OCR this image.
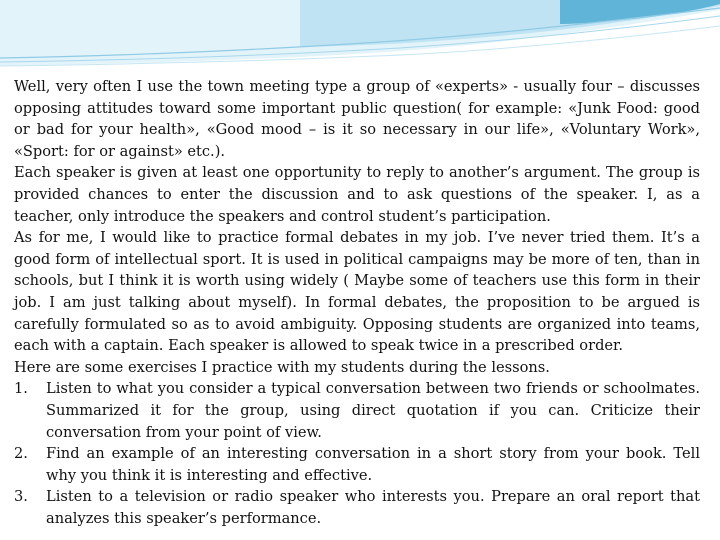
Well, very often I use the town meeting type a group of «experts» - usually four – discusses opposing attitudes toward some important public question( for example: «Junk Food: good or bad for your health», «Good mood – is it so necessary in our life», «Voluntary Work», «Sport: for or against» etc.).

Each speaker is given at least one opportunity to reply to another’s argument. The group is provided chances to enter the discussion and to ask questions of the speaker. I, as a teacher, only introduce the speakers and control student’s participation.

As for me, I would like to practice formal debates in my job. I’ve never tried them. It’s a good form of intellectual sport. It is used in political campaigns may be more of ten, than in schools, but I think it is worth using widely ( Maybe some of teachers use this form in their job. I am just talking about myself). In formal debates, the proposition to be argued is carefully formulated so as to avoid ambiguity. Opposing students are organized into teams, each with a captain. Each speaker is allowed to speak twice in a prescribed order.

Here are some exercises I practice with my students during the lessons.

1.	Listen to what you consider a typical conversation between two friends or schoolmates. Summarized it for the group, using direct quotation if you can. Criticize their conversation from your point of view.
2.	Find an example of an interesting conversation in a short story from your book. Tell why you think it is interesting and effective.
3.	Listen to a television or radio speaker who interests you. Prepare an oral report that analyzes this speaker’s performance.
